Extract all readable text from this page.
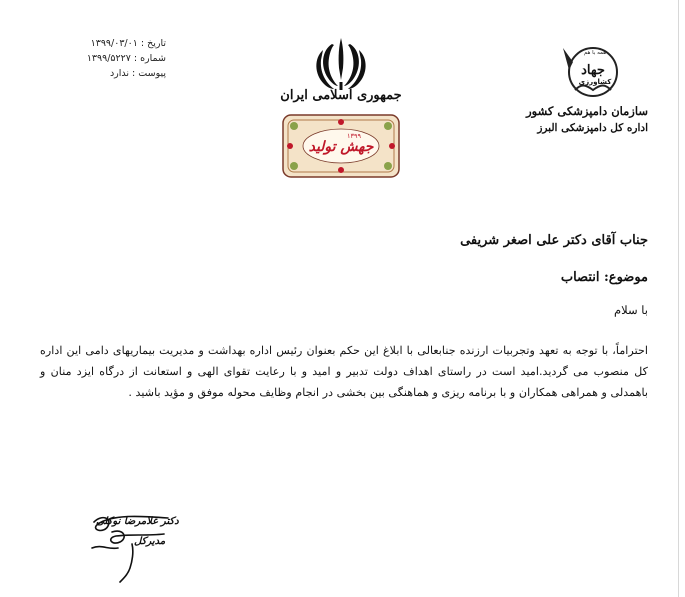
تاریخ : ۱۳۹۹/۰۳/۰۱
شماره : ۱۳۹۹/۵۲۲۷
پیوست : ندارد
جمهوری اسلامی ایران
جهش تولید
۱۳۹۹
همه با هم
جهاد
کشاورزی
سازمان دامپزشکی کشور
اداره کل دامپزشکی البرز
جناب آقای دکتر علی اصغر شریفی
موضوع: انتصاب
با سلام
احتراماً، با توجه به تعهد وتجربیات ارزنده جنابعالی با ابلاغ این حکم بعنوان رئیس اداره بهداشت و مدیریت بیماریهای دامی این اداره کل منصوب می گردید.امید است در راستای اهداف دولت تدبیر و امید و با رعایت تقوای الهی و استعانت از درگاه ایزد منان و باهمدلی و همراهی همکاران و با برنامه ریزی و هماهنگی بین بخشی در انجام وظایف محوله موفق و مؤید باشید .
دکتر غلامرضا نوکلی
مدیرکل
